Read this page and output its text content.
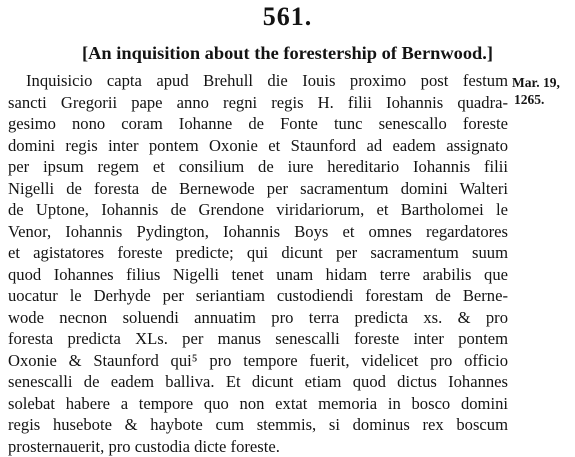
561.
[An inquisition about the forestership of Bernwood.]
Mar. 19,
1265.
Inquisicio capta apud Brehull die Iouis proximo post festum
sancti Gregorii pape anno regni regis H. filii Iohannis quadra-
gesimo nono coram Iohanne de Fonte tunc senescallo foreste
domini regis inter pontem Oxonie et Staunford ad eadem assignato
per ipsum regem et consilium de iure hereditario Iohannis filii
Nigelli de foresta de Bernewode per sacramentum domini Walteri
de Uptone, Iohannis de Grendone viridariorum, et Bartholomei le
Venor, Iohannis Pydington, Iohannis Boys et omnes regardatores
et agistatores foreste predicte; qui dicunt per sacramentum suum
quod Iohannes filius Nigelli tenet unam hidam terre arabilis que
uocatur le Derhyde per seriantiam custodiendi forestam de Berne-
wode necnon soluendi annuatim pro terra predicta xs. & pro
foresta predicta XLs. per manus senescalli foreste inter pontem
Oxonie & Staunford qui⁵ pro tempore fuerit, videlicet pro officio
senescalli de eadem balliva. Et dicunt etiam quod dictus Iohannes
solebat habere a tempore quo non extat memoria in bosco domini
regis husebote & haybote cum stemmis, si dominus rex boscum
prosternauerit, pro custodia dicte foreste.
